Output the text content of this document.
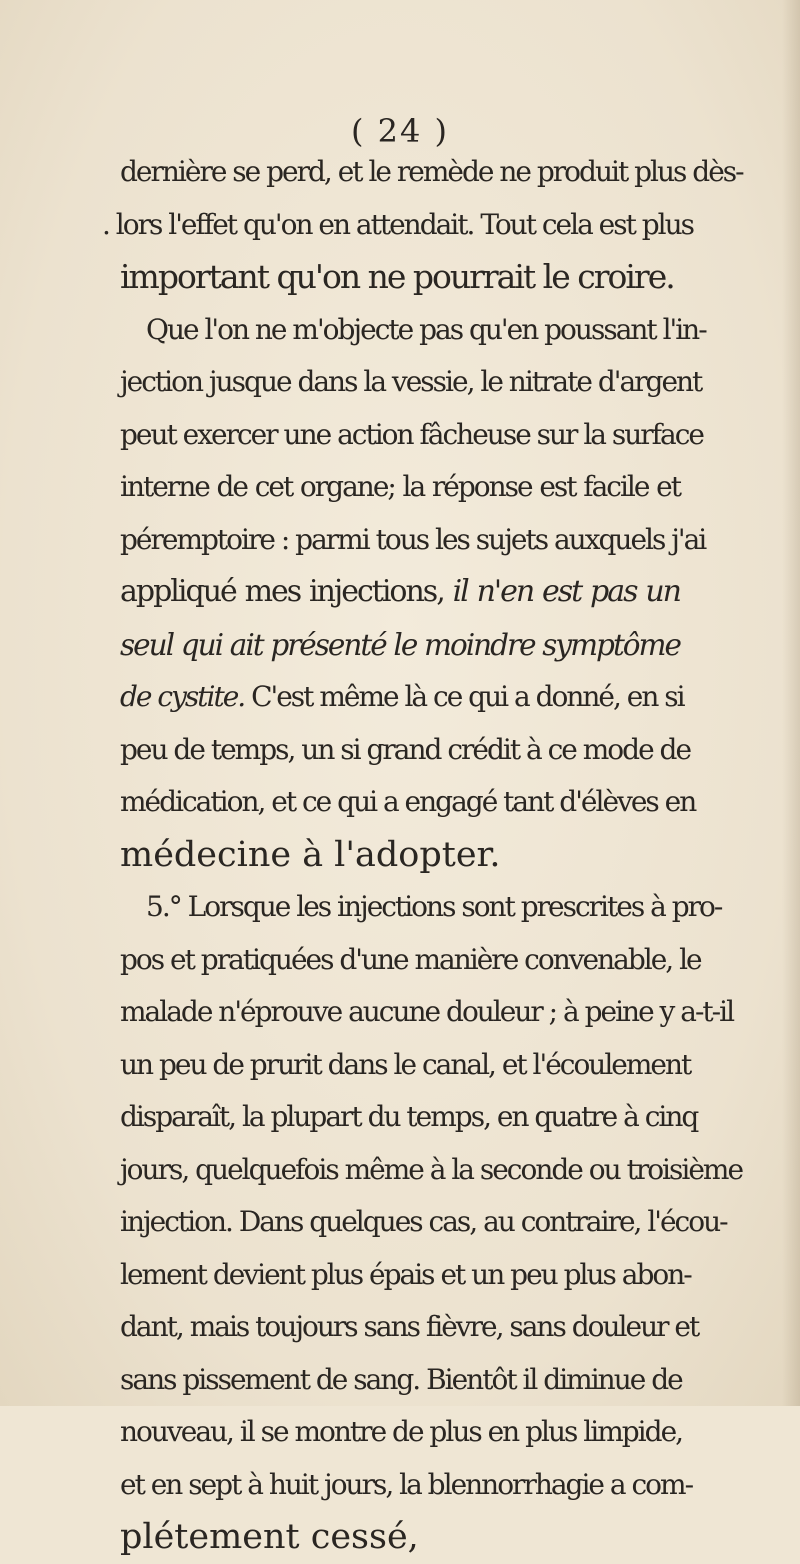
( 24 )
dernière se perd, et le remède ne produit plus dès-
. lors l'effet qu'on en attendait. Tout cela est plus
important qu'on ne pourrait le croire.
Que l'on ne m'objecte pas qu'en poussant l'in-
jection jusque dans la vessie, le nitrate d'argent
peut exercer une action fâcheuse sur la surface
interne de cet organe; la réponse est facile et
péremptoire : parmi tous les sujets auxquels j'ai
appliqué mes injections, il n'en est pas un
seul qui ait présenté le moindre symptôme
de cystite. C'est même là ce qui a donné, en si
peu de temps, un si grand crédit à ce mode de
médication, et ce qui a engagé tant d'élèves en
médecine à l'adopter.
5.° Lorsque les injections sont prescrites à pro-
pos et pratiquées d'une manière convenable, le
malade n'éprouve aucune douleur ; à peine y a-t-il
un peu de prurit dans le canal, et l'écoulement
disparaît, la plupart du temps, en quatre à cinq
jours, quelquefois même à la seconde ou troisième
injection. Dans quelques cas, au contraire, l'écou-
lement devient plus épais et un peu plus abon-
dant, mais toujours sans fièvre, sans douleur et
sans pissement de sang. Bientôt il diminue de
nouveau, il se montre de plus en plus limpide,
et en sept à huit jours, la blennorrhagie a com-
plétement cessé,
